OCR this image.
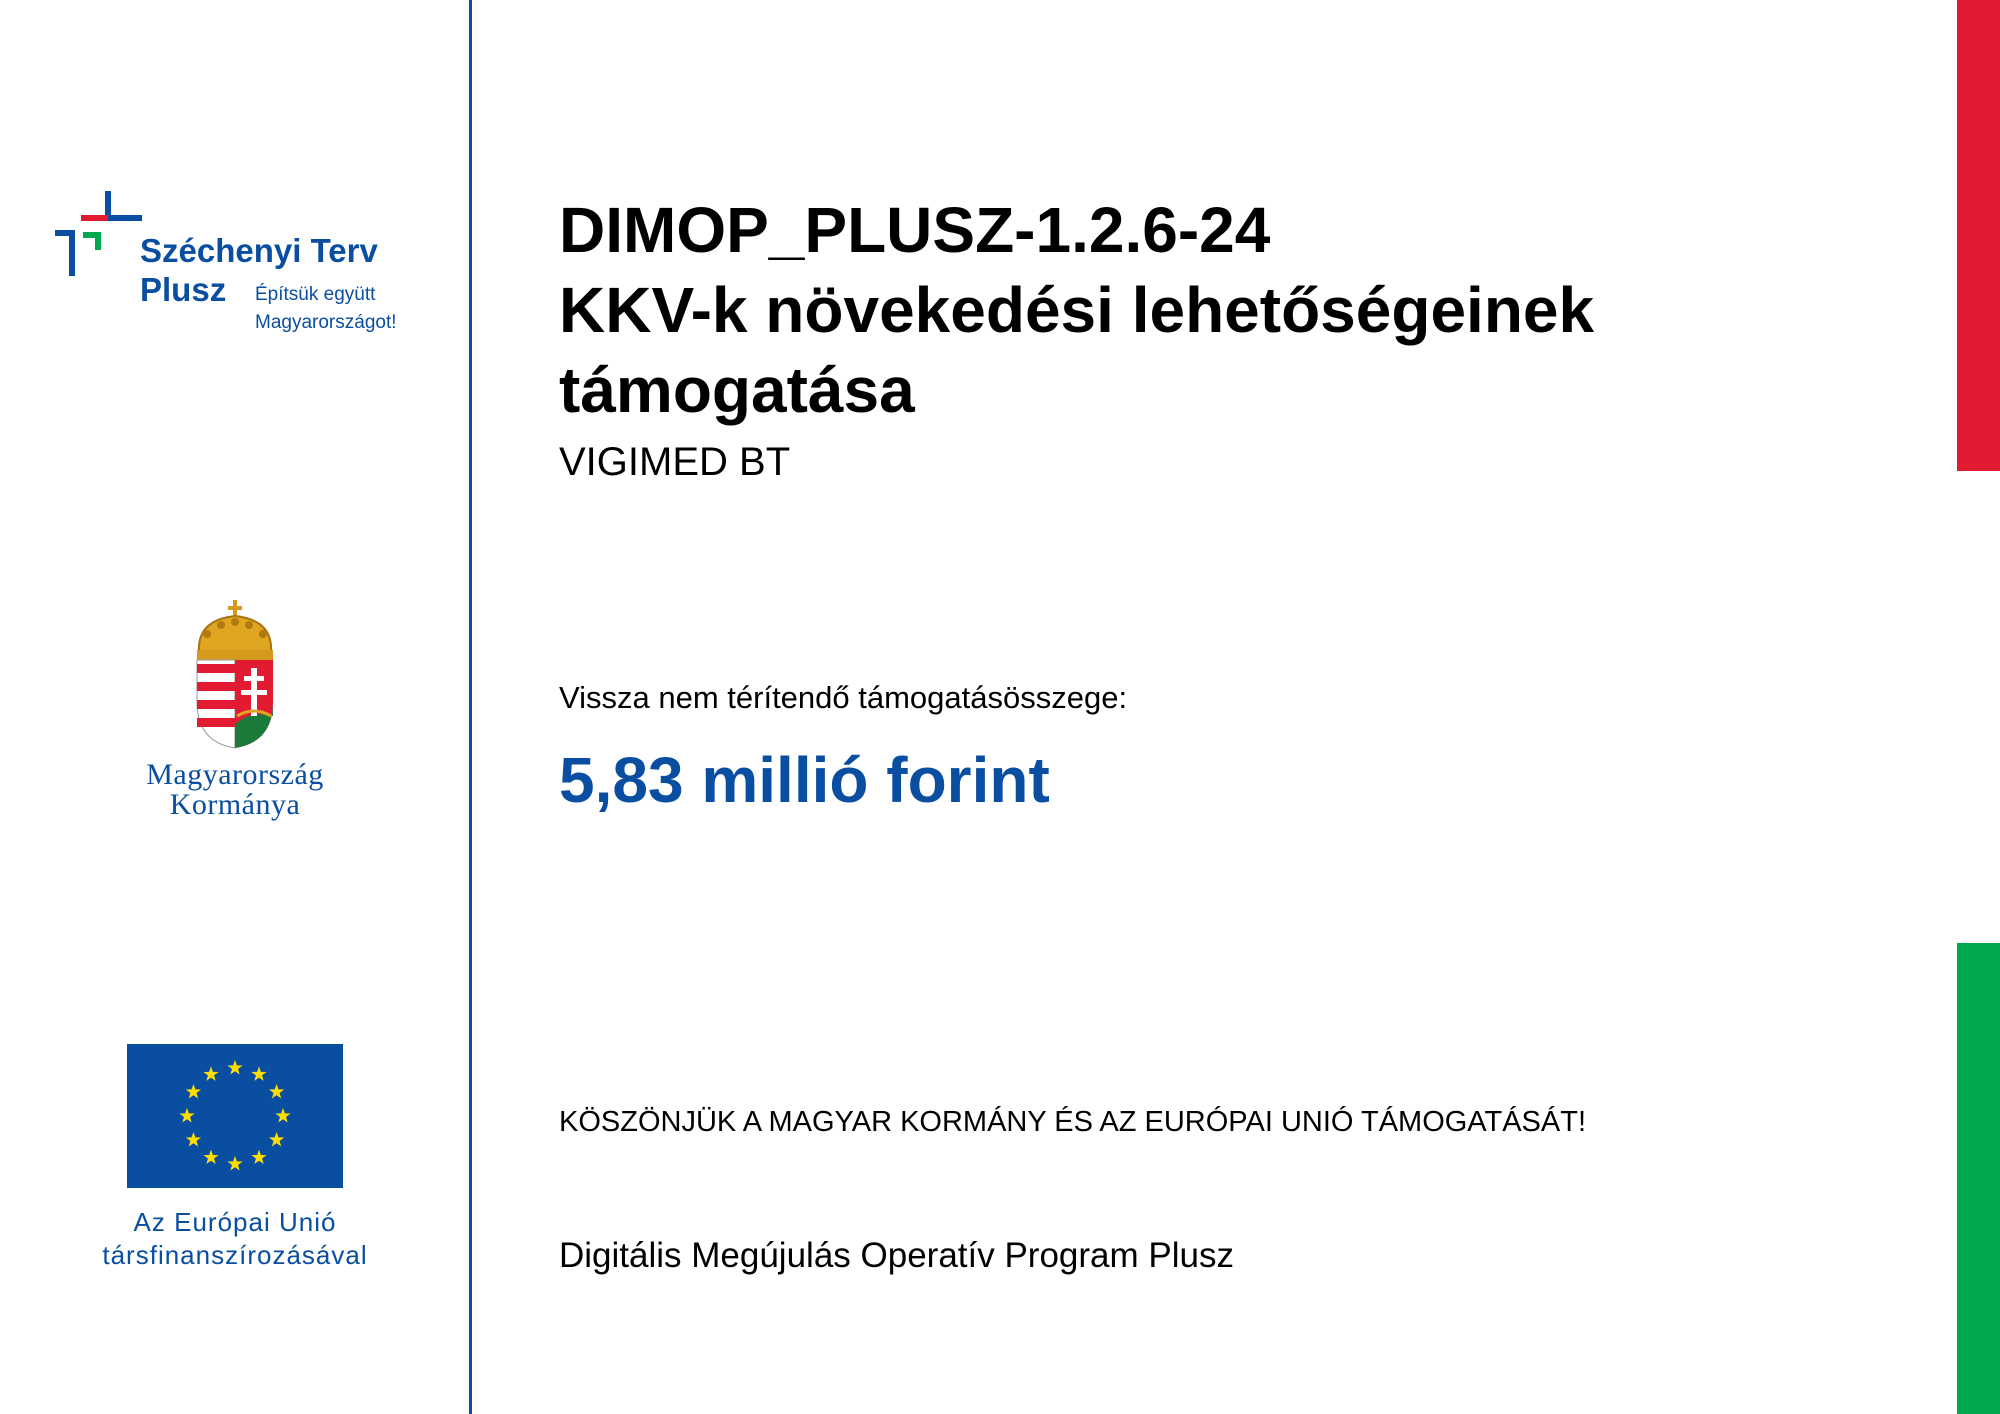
Széchenyi Terv
Plusz Építsük együtt
Magyarországot!
Magyarország
Kormánya
Az Európai Unió
társfinanszírozásával
DIMOP_PLUSZ-1.2.6-24
KKV-k növekedési lehetőségeinek
támogatása
VIGIMED BT
Vissza nem térítendő támogatásösszege:
5,83 millió forint
KÖSZÖNJÜK A MAGYAR KORMÁNY ÉS AZ EURÓPAI UNIÓ TÁMOGATÁSÁT!
Digitális Megújulás Operatív Program Plusz
